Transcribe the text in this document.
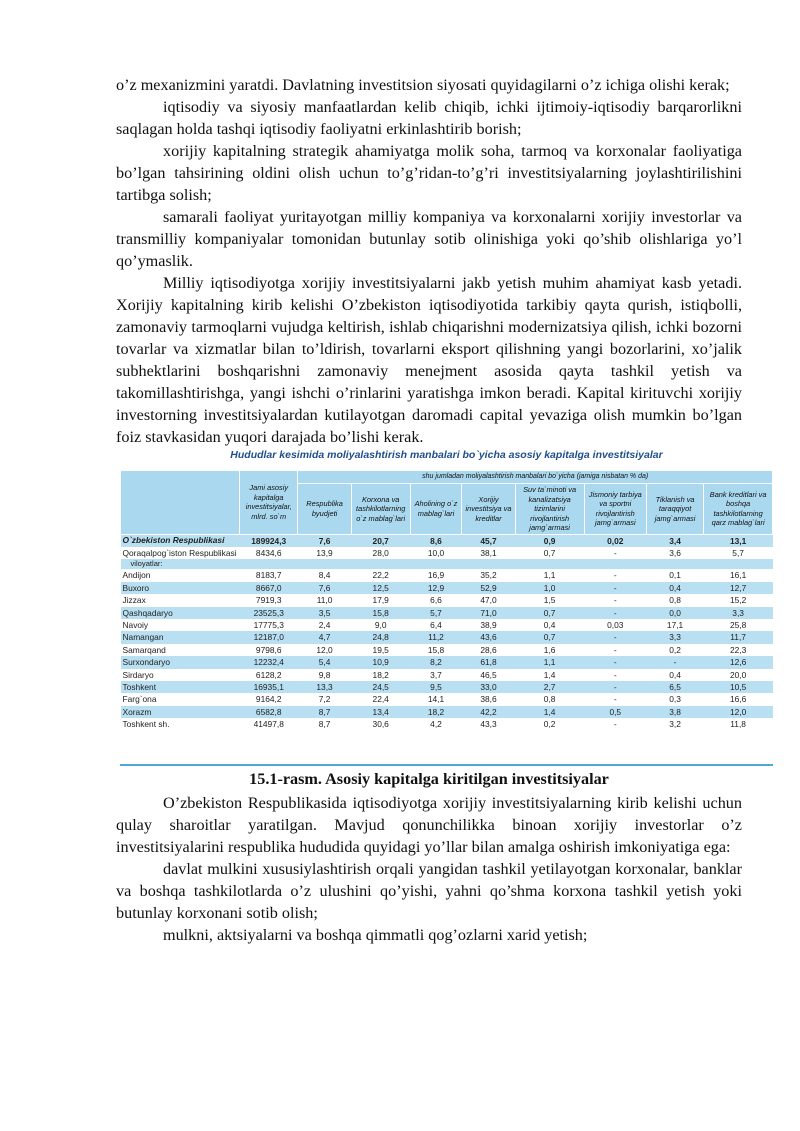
o’z mexanizmini yaratdi. Davlatning investitsion siyosati quyidagilarni o’z ichiga olishi kerak;

iqtisodiy va siyosiy manfaatlardan kelib chiqib, ichki ijtimoiy-iqtisodiy barqarorlikni saqlagan holda tashqi iqtisodiy faoliyatni erkinlashtirib borish;

xorijiy kapitalning strategik ahamiyatga molik soha, tarmoq va korxonalar faoliyatiga bo’lgan tahsirining oldini olish uchun to’g’ridan-to’g’ri investitsiyalarning joylashtirilishini tartibga solish;

samarali faoliyat yuritayotgan milliy kompaniya va korxonalarni xorijiy investorlar va transmilliy kompaniyalar tomonidan butunlay sotib olinishiga yoki qo’shib olishlariga yo’l qo’ymaslik.

Milliy iqtisodiyotga xorijiy investitsiyalarni jakb yetish muhim ahamiyat kasb yetadi. Xorijiy kapitalning kirib kelishi O’zbekiston iqtisodiyotida tarkibiy qayta qurish, istiqbolli, zamonaviy tarmoqlarni vujudga keltirish, ishlab chiqarishni modernizatsiya qilish, ichki bozorni tovarlar va xizmatlar bilan to’ldirish, tovarlarni eksport qilishning yangi bozorlarini, xo’jalik subhektlarini boshqarishni zamonaviy menejment asosida qayta tashkil yetish va takomillashtirishga, yangi ishchi o’rinlarini yaratishga imkon beradi. Kapital kirituvchi xorijiy investorning investitsiyalardan kutilayotgan daromadi capital yevaziga olish mumkin bo’lgan foiz stavkasidan yuqori darajada bo’lishi kerak.

Hududlar kesimida moliyalashtirish manbalari bo`yicha asosiy kapitalga investitsiyalar
	Jami asosiy kapitalga investitsiyalar, mlrd. so`m	shu jumladan moliyalashtirish manbalari bo`yicha (jamiga nisbatan % da)							
		Respublika byudjeti	Korxona va tashkilotlarning o`z mablag`lari	Aholining o`z mablag`lari	Xorijiy investitsiya va kreditlar	Suv ta`minoti va kanalizatsiya tizimlarini rivojlantirish jamg`armasi	Jismoniy tarbiya va sportni rivojlantirish jamg`armasi	Tiklanish va taraqqiyot jamg`armasi	Bank kreditlari va boshqa tashkilotlarning qarz mablag`lari
O`zbekiston Respublikasi	189924,3	7,6	20,7	8,6	45,7	0,9	0,02	3,4	13,1
Qoraqalpog`iston Respublikasi	8434,6	13,9	28,0	10,0	38,1	0,7	-	3,6	5,7
viloyatlar:									
Andijon	8183,7	8,4	22,2	16,9	35,2	1,1	-	0,1	16,1
Buxoro	8667,0	7,6	12,5	12,9	52,9	1,0	-	0,4	12,7
Jizzax	7919,3	11,0	17,9	6,6	47,0	1,5	-	0,8	15,2
Qashqadaryo	23525,3	3,5	15,8	5,7	71,0	0,7	-	0,0	3,3
Navoiy	17775,3	2,4	9,0	6,4	38,9	0,4	0,03	17,1	25,8
Namangan	12187,0	4,7	24,8	11,2	43,6	0,7	-	3,3	11,7
Samarqand	9798,6	12,0	19,5	15,8	28,6	1,6	-	0,2	22,3
Surxondaryo	12232,4	5,4	10,9	8,2	61,8	1,1	-	-	12,6
Sirdaryo	6128,2	9,8	18,2	3,7	46,5	1,4	-	0,4	20,0
Toshkent	16935,1	13,3	24,5	9,5	33,0	2,7	-	6,5	10,5
Farg`ona	9164,2	7,2	22,4	14,1	38,6	0,8	-	0,3	16,6
Xorazm	6582,8	8,7	13,4	18,2	42,2	1,4	0,5	3,8	12,0
Toshkent sh.	41497,8	8,7	30,6	4,2	43,3	0,2	-	3,2	11,8
15.1-rasm. Asosiy kapitalga kiritilgan investitsiyalar

O’zbekiston Respublikasida iqtisodiyotga xorijiy investitsiyalarning kirib kelishi uchun qulay sharoitlar yaratilgan. Mavjud qonunchilikka binoan xorijiy investorlar o’z investitsiyalarini respublika hududida quyidagi yo’llar bilan amalga oshirish imkoniyatiga ega:

davlat mulkini xususiylashtirish orqali yangidan tashkil yetilayotgan korxonalar, banklar va boshqa tashkilotlarda o’z ulushini qo’yishi, yahni qo’shma korxona tashkil yetish yoki butunlay korxonani sotib olish;

mulkni, aktsiyalarni va boshqa qimmatli qog’ozlarni xarid yetish;
